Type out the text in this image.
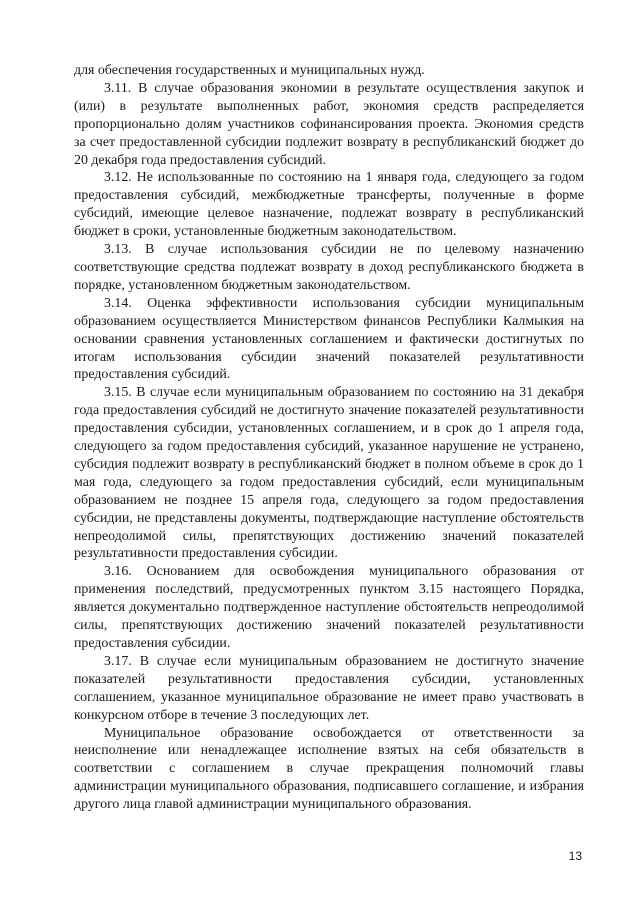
для обеспечения государственных и муниципальных нужд.

3.11. В случае образования экономии в результате осуществления закупок и (или) в результате выполненных работ, экономия средств распределяется пропорционально долям участников софинансирования проекта. Экономия средств за счет предоставленной субсидии подлежит возврату в республиканский бюджет до 20 декабря года предоставления субсидий.

3.12. Не использованные по состоянию на 1 января года, следующего за годом предоставления субсидий, межбюджетные трансферты, полученные в форме субсидий, имеющие целевое назначение, подлежат возврату в республиканский бюджет в сроки, установленные бюджетным законодательством.

3.13. В случае использования субсидии не по целевому назначению соответствующие средства подлежат возврату в доход республиканского бюджета в порядке, установленном бюджетным законодательством.

3.14. Оценка эффективности использования субсидии муниципальным образованием осуществляется Министерством финансов Республики Калмыкия на основании сравнения установленных соглашением и фактически достигнутых по итогам использования субсидии значений показателей результативности предоставления субсидий.

3.15. В случае если муниципальным образованием по состоянию на 31 декабря года предоставления субсидий не достигнуто значение показателей результативности предоставления субсидии, установленных соглашением, и в срок до 1 апреля года, следующего за годом предоставления субсидий, указанное нарушение не устранено, субсидия подлежит возврату в республиканский бюджет в полном объеме в срок до 1 мая года, следующего за годом предоставления субсидий, если муниципальным образованием не позднее 15 апреля года, следующего за годом предоставления субсидии, не представлены документы, подтверждающие наступление обстоятельств непреодолимой силы, препятствующих достижению значений показателей результативности предоставления субсидии.

3.16. Основанием для освобождения муниципального образования от применения последствий, предусмотренных пунктом 3.15 настоящего Порядка, является документально подтвержденное наступление обстоятельств непреодолимой силы, препятствующих достижению значений показателей результативности предоставления субсидии.

3.17. В случае если муниципальным образованием не достигнуто значение показателей результативности предоставления субсидии, установленных соглашением, указанное муниципальное образование не имеет право участвовать в конкурсном отборе в течение 3 последующих лет.

Муниципальное образование освобождается от ответственности за неисполнение или ненадлежащее исполнение взятых на себя обязательств в соответствии с соглашением в случае прекращения полномочий главы администрации муниципального образования, подписавшего соглашение, и избрания другого лица главой администрации муниципального образования.

13
